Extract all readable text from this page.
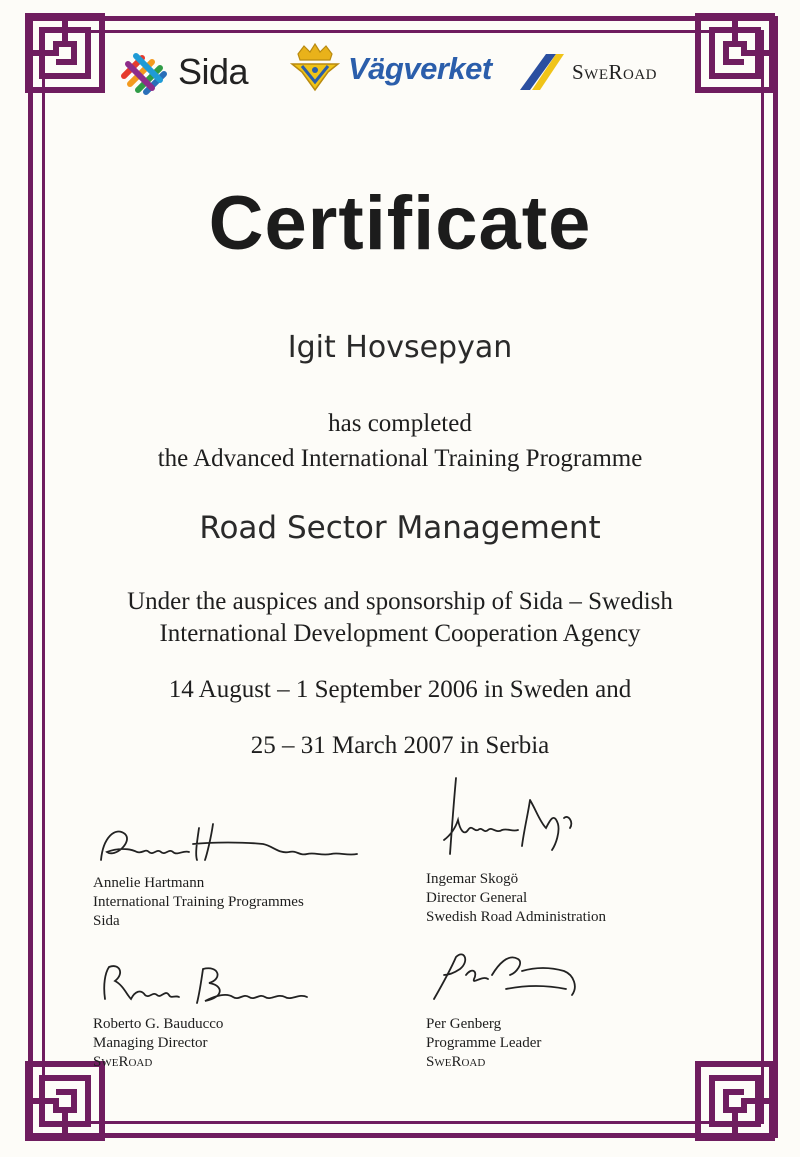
Sida	Vägverket	SweRoad
Certificate
Igit Hovsepyan
has completed
the Advanced International Training Programme
Road Sector Management
Under the auspices and sponsorship of Sida – Swedish
International Development Cooperation Agency
14 August – 1 September 2006 in Sweden and
25 – 31 March 2007 in Serbia
Annelie Hartmann
International Training Programmes
Sida
Ingemar Skogö
Director General
Swedish Road Administration
Roberto G. Bauducco
Managing Director
SweRoad
Per Genberg
Programme Leader
SweRoad
